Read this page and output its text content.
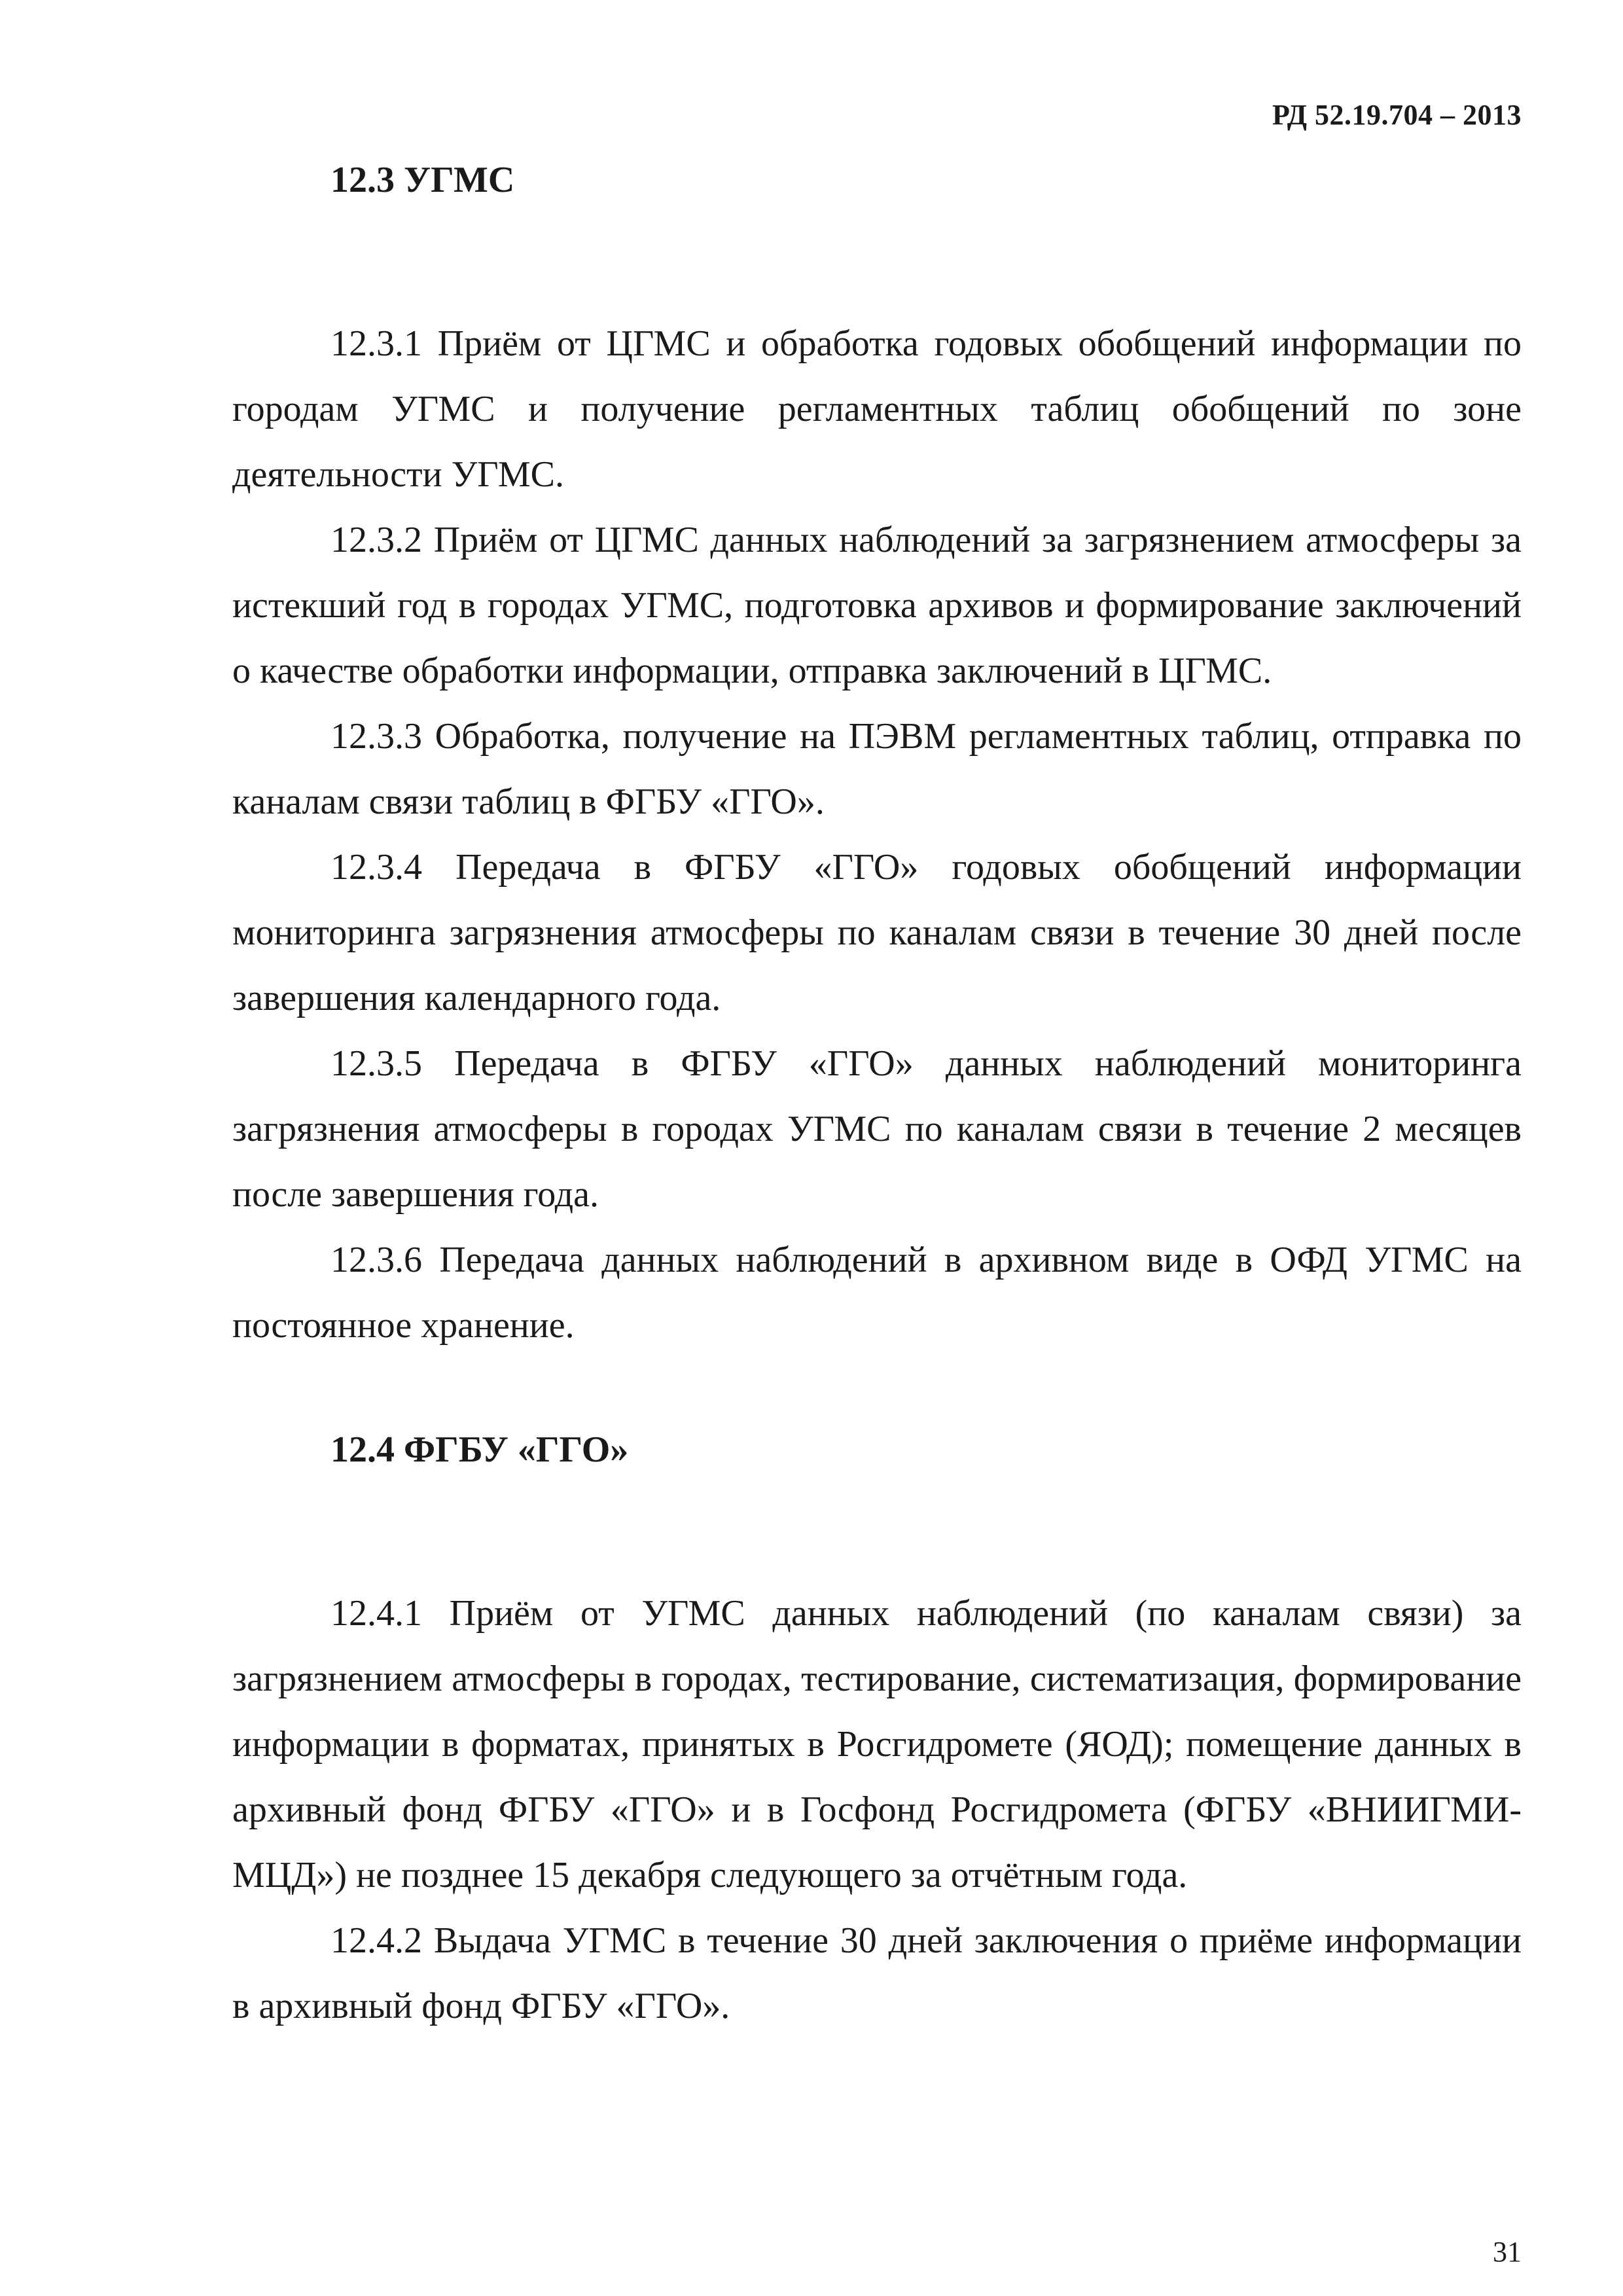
РД 52.19.704 – 2013

12.3 УГМС

12.3.1 Приём от ЦГМС и обработка годовых обобщений информации по городам УГМС и получение регламентных таблиц обобщений по зоне деятельности УГМС.

12.3.2 Приём от ЦГМС данных наблюдений за загрязнением атмосферы за истекший год в городах УГМС, подготовка архивов и формирование заключений о качестве обработки информации, отправка заключений в ЦГМС.

12.3.3 Обработка, получение на ПЭВМ регламентных таблиц, отправка по каналам связи таблиц в ФГБУ «ГГО».

12.3.4 Передача в ФГБУ «ГГО» годовых обобщений информации мониторинга загрязнения атмосферы по каналам связи в течение 30 дней после завершения календарного года.

12.3.5 Передача в ФГБУ «ГГО» данных наблюдений мониторинга загрязнения атмосферы в городах УГМС по каналам связи в течение 2 месяцев после завершения года.

12.3.6 Передача данных наблюдений в архивном виде в ОФД УГМС на постоянное хранение.

12.4 ФГБУ «ГГО»

12.4.1 Приём от УГМС данных наблюдений (по каналам связи) за загрязнением атмосферы в городах, тестирование, систематизация, формирование информации в форматах, принятых в Росгидромете (ЯОД); помещение данных в архивный фонд ФГБУ «ГГО» и в Госфонд Росгидромета (ФГБУ «ВНИИГМИ-МЦД») не позднее 15 декабря следующего за отчётным года.

12.4.2 Выдача УГМС в течение 30 дней заключения о приёме информации в архивный фонд ФГБУ «ГГО».

31
